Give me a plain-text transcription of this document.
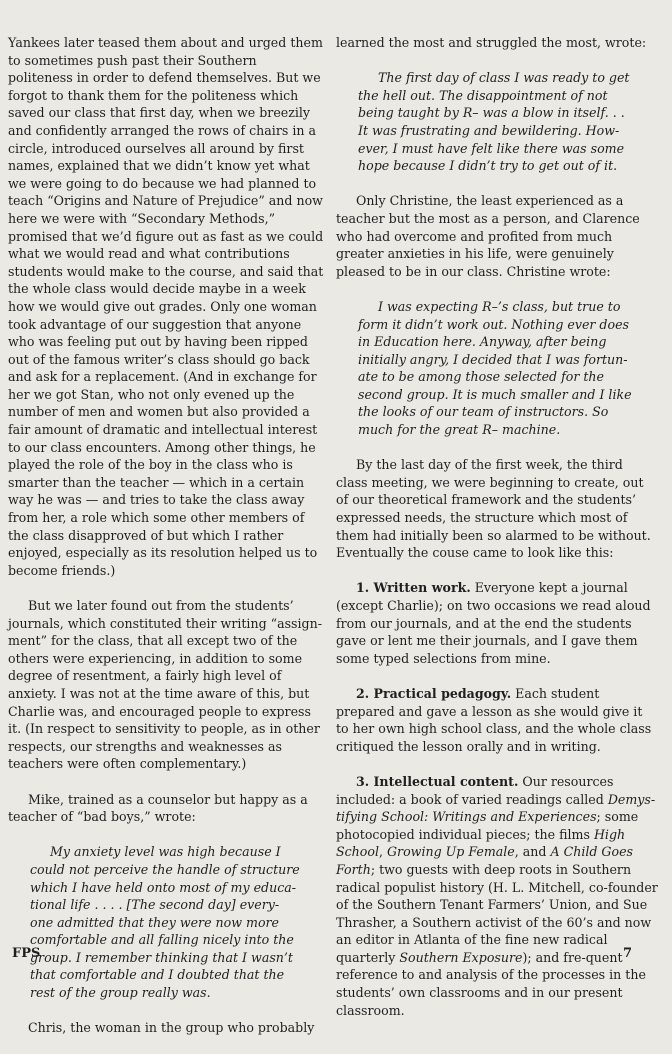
Yankees later teased them about and urged them to sometimes push past their Southern politeness in order to defend themselves. But we forgot to thank them for the politeness which saved our class that first day, when we breezily and confidently arranged the rows of chairs in a circle, introduced ourselves all around by first names, explained that we didn’t know yet what we were going to do because we had planned to teach “Origins and Nature of Prejudice” and now here we were with “Secondary Methods,” promised that we’d figure out as fast as we could what we would read and what contributions students would make to the course, and said that the whole class would decide maybe in a week how we would give out grades. Only one woman took advantage of our suggestion that anyone who was feeling put out by having been ripped out of the famous writer’s class should go back and ask for a replacement. (And in exchange for her we got Stan, who not only evened up the number of men and women but also provided a fair amount of dramatic and intellectual interest to our class encounters. Among other things, he played the role of the boy in the class who is smarter than the teacher — which in a certain way he was — and tries to take the class away from her, a role which some other members of the class disapproved of but which I rather enjoyed, especially as its resolution helped us to become friends.)

But we later found out from the students’ journals, which constituted their writing “assign-ment” for the class, that all except two of the others were experiencing, in addition to some degree of resentment, a fairly high level of anxiety. I was not at the time aware of this, but Charlie was, and encouraged people to express it. (In respect to sensitivity to people, as in other respects, our strengths and weaknesses as teachers were often complementary.)

Mike, trained as a counselor but happy as a teacher of “bad boys,” wrote:

My anxiety level was high because I could not perceive the handle of structure which I have held onto most of my educa-tional life . . . . [The second day] every-one admitted that they were now more comfortable and all falling nicely into the group. I remember thinking that I wasn’t that comfortable and I doubted that the rest of the group really was.

Chris, the woman in the group who probably

learned the most and struggled the most, wrote:

The first day of class I was ready to get the hell out. The disappointment of not being taught by R– was a blow in itself. . . It was frustrating and bewildering. How-ever, I must have felt like there was some hope because I didn’t try to get out of it.

Only Christine, the least experienced as a teacher but the most as a person, and Clarence who had overcome and profited from much greater anxieties in his life, were genuinely pleased to be in our class. Christine wrote:

I was expecting R–’s class, but true to form it didn’t work out. Nothing ever does in Education here. Anyway, after being initially angry, I decided that I was fortun-ate to be among those selected for the second group. It is much smaller and I like the looks of our team of instructors. So much for the great R– machine.

By the last day of the first week, the third class meeting, we were beginning to create, out of our theoretical framework and the students’ expressed needs, the structure which most of them had initially been so alarmed to be without. Eventually the couse came to look like this:

1. Written work. Everyone kept a journal (except Charlie); on two occasions we read aloud from our journals, and at the end the students gave or lent me their journals, and I gave them some typed selections from mine.

2. Practical pedagogy. Each student prepared and gave a lesson as she would give it to her own high school class, and the whole class critiqued the lesson orally and in writing.

3. Intellectual content. Our resources included: a book of varied readings called Demys-tifying School: Writings and Experiences; some photocopied individual pieces; the films High School, Growing Up Female, and A Child Goes Forth; two guests with deep roots in Southern radical populist history (H. L. Mitchell, co-founder of the Southern Tenant Farmers’ Union, and Sue Thrasher, a Southern activist of the 60’s and now an editor in Atlanta of the fine new radical quarterly Southern Exposure); and fre-quent reference to and analysis of the processes in the students’ own classrooms and in our present classroom.

FPS	7
